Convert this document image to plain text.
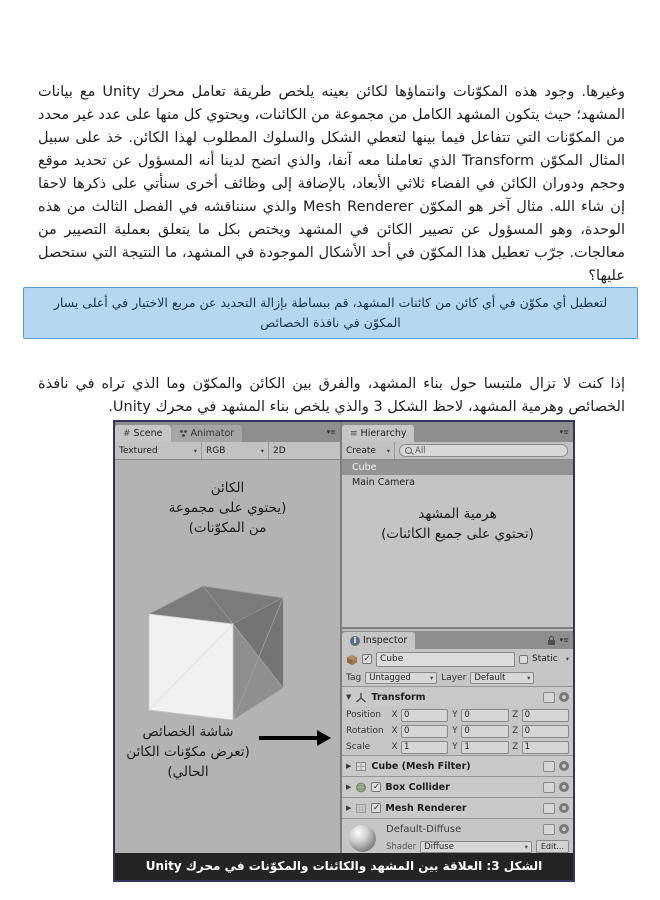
وغيرها. وجود هذه المكوّنات وانتماؤها لكائن بعينه يلخص طريقة تعامل محرك Unity مع بيانات المشهد؛ حيث يتكون المشهد الكامل من مجموعة من الكائنات، ويحتوي كل منها على عدد غير محدد من المكوّنات التي تتفاعل فيما بينها لتعطي الشكل والسلوك المطلوب لهذا الكائن. خذ على سبيل المثال المكوّن Transform الذي تعاملنا معه آنفا، والذي اتضح لدينا أنه المسؤول عن تحديد موقع وحجم ودوران الكائن في الفضاء ثلاثي الأبعاد، بالإضافة إلى وظائف أخرى سنأتي على ذكرها لاحقا إن شاء الله. مثال آخر هو المكوّن Mesh Renderer والذي سنناقشه في الفصل الثالث من هذه الوحدة، وهو المسؤول عن تصيير الكائن في المشهد ويختص بكل ما يتعلق بعملية التصيير من معالجات. جرّب تعطيل هذا المكوّن في أحد الأشكال الموجودة في المشهد، ما النتيجة التي ستحصل عليها؟

لتعطيل أي مكوّن في أي كائن من كائنات المشهد، قم ببساطة بإزالة التحديد عن مربع الاختيار في أعلى يسار المكوّن في نافذة الخصائص

إذا كنت لا تزال ملتبسا حول بناء المشهد، والفرق بين الكائن والمكوّن وما الذي تراه في نافذة الخصائص وهرمية المشهد، لاحظ الشكل 3 والذي يلخص بناء المشهد في محرك Unity.

# Scene	Animator	▾≡
Textured	▾ RGB	▾ 2D
الكائن
(يحتوي على مجموعة
من المكوّنات)
شاشة الخصائص
(تعرض مكوّنات الكائن
الحالي)
≡ Hierarchy	▾≡
Create ▾	All
Cube
Main Camera
هرمية المشهد
(تحتوي على جميع الكائنات)
i Inspector	▾≡
✓	Cube	Static ▾
Tag Untagged	▾ Layer Default	▾
▼ Transform
Position	X 0	Y 0	Z 0
Rotation X 0	Y 0	Z 0
Scale	X 1	Y 1	Z 1
▶ Cube (Mesh Filter)
▶	✓ Box Collider
▶	✓ Mesh Renderer
Default-Diffuse
Shader Diffuse	▾	Edit...
الشكل 3: العلاقة بين المشهد والكائنات والمكوّنات في محرك Unity
